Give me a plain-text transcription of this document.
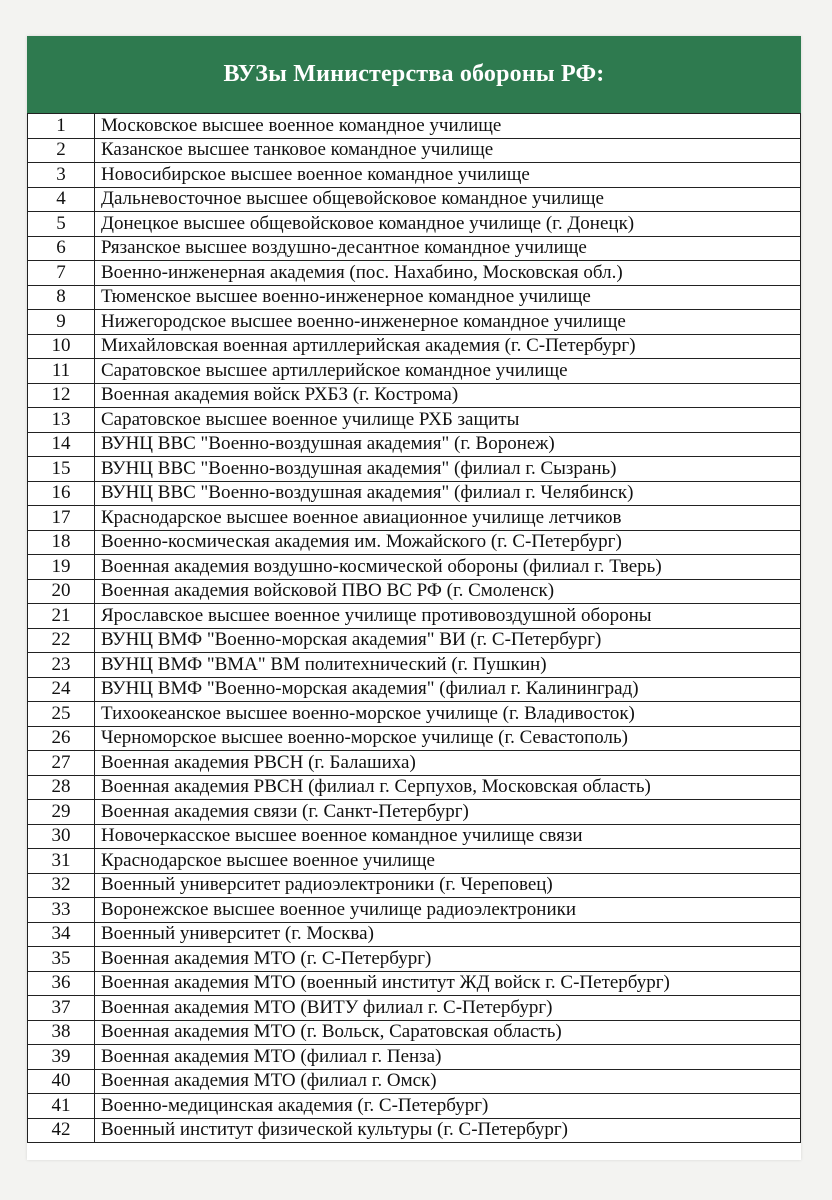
ВУЗы Министерства обороны РФ:
1	Московское высшее военное командное училище
2	Казанское высшее танковое командное училище
3	Новосибирское высшее военное командное училище
4	Дальневосточное высшее общевойсковое командное училище
5	Донецкое высшее общевойсковое командное училище (г. Донецк)
6	Рязанское высшее воздушно-десантное командное училище
7	Военно-инженерная академия (пос. Нахабино, Московская обл.)
8	Тюменское высшее военно-инженерное командное училище
9	Нижегородское высшее военно-инженерное командное училище
10	Михайловская военная артиллерийская академия (г. С-Петербург)
11	Саратовское высшее артиллерийское командное училище
12	Военная академия войск РХБЗ (г. Кострома)
13	Саратовское высшее военное училище РХБ защиты
14	ВУНЦ ВВС "Военно-воздушная академия" (г. Воронеж)
15	ВУНЦ ВВС "Военно-воздушная академия" (филиал г. Сызрань)
16	ВУНЦ ВВС "Военно-воздушная академия" (филиал г. Челябинск)
17	Краснодарское высшее военное авиационное училище летчиков
18	Военно-космическая академия им. Можайского (г. С-Петербург)
19	Военная академия воздушно-космической обороны (филиал г. Тверь)
20	Военная академия войсковой ПВО ВС РФ (г. Смоленск)
21	Ярославское высшее военное училище противовоздушной обороны
22	ВУНЦ ВМФ "Военно-морская академия" ВИ (г. С-Петербург)
23	ВУНЦ ВМФ "ВМА" ВМ политехнический (г. Пушкин)
24	ВУНЦ ВМФ "Военно-морская академия" (филиал г. Калининград)
25	Тихоокеанское высшее военно-морское училище (г. Владивосток)
26	Черноморское высшее военно-морское училище (г. Севастополь)
27	Военная академия РВСН (г. Балашиха)
28	Военная академия РВСН (филиал г. Серпухов, Московская область)
29	Военная академия связи (г. Санкт-Петербург)
30	Новочеркасское высшее военное командное училище связи
31	Краснодарское высшее военное училище
32	Военный университет радиоэлектроники (г. Череповец)
33	Воронежское высшее военное училище радиоэлектроники
34	Военный университет (г. Москва)
35	Военная академия МТО (г. С-Петербург)
36	Военная академия МТО (военный институт ЖД войск г. С-Петербург)
37	Военная академия МТО (ВИТУ филиал г. С-Петербург)
38	Военная академия МТО (г. Вольск, Саратовская область)
39	Военная академия МТО (филиал г. Пенза)
40	Военная академия МТО (филиал г. Омск)
41	Военно-медицинская академия (г. С-Петербург)
42	Военный институт физической культуры (г. С-Петербург)
